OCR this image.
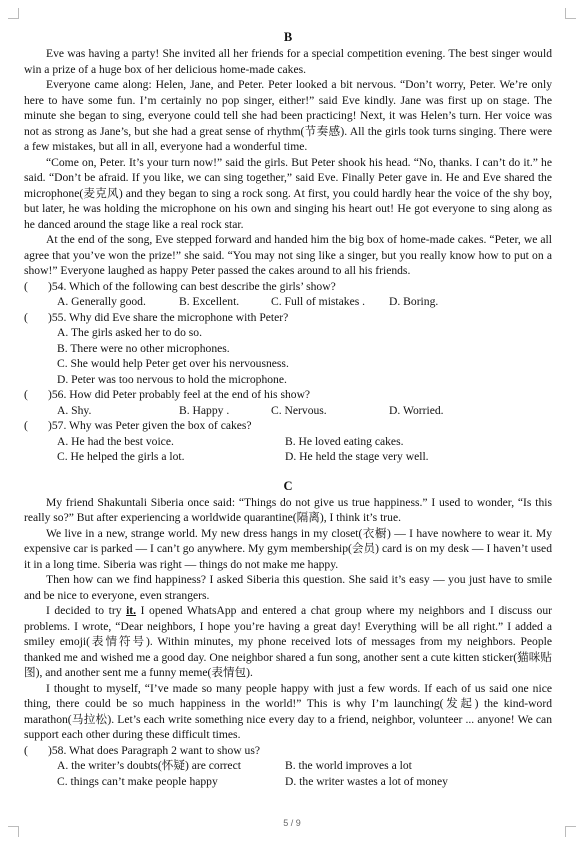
B

Eve was having a party! She invited all her friends for a special competition evening. The best singer would win a prize of a huge box of her delicious home-made cakes.

Everyone came along: Helen, Jane, and Peter. Peter looked a bit nervous. “Don’t worry, Peter. We’re only here to have some fun. I’m certainly no pop singer, either!” said Eve kindly. Jane was first up on stage. The minute she began to sing, everyone could tell she had been practicing! Next, it was Helen’s turn. Her voice was not as strong as Jane’s, but she had a great sense of rhythm(节奏感). All the girls took turns singing. There were a few mistakes, but all in all, everyone had a wonderful time.

“Come on, Peter. It’s your turn now!” said the girls. But Peter shook his head. “No, thanks. I can’t do it.” he said. “Don’t be afraid. If you like, we can sing together,” said Eve. Finally Peter gave in. He and Eve shared the microphone(麦克风) and they began to sing a rock song. At first, you could hardly hear the voice of the shy boy, but later, he was holding the microphone on his own and singing his heart out! He got everyone to sing along as he danced around the stage like a real rock star.

At the end of the song, Eve stepped forward and handed him the big box of home-made cakes. “Peter, we all agree that you’ve won the prize!” she said. “You may not sing like a singer, but you really know how to put on a show!” Everyone laughed as happy Peter passed the cakes around to all his friends.

(	)54. Which of the following can best describe the girls’ show?
A. Generally good.	B. Excellent.	C. Full of mistakes .	D. Boring.
(	)55. Why did Eve share the microphone with Peter?
A. The girls asked her to do so.
B. There were no other microphones.
C. She would help Peter get over his nervousness.
D. Peter was too nervous to hold the microphone.
(	)56. How did Peter probably feel at the end of his show?
A. Shy.	B. Happy .	C. Nervous.	D. Worried.
(	)57. Why was Peter given the box of cakes?
A. He had the best voice.	B. He loved eating cakes.
C. He helped the girls a lot.	D. He held the stage very well.
C

My friend Shakuntali Siberia once said: “Things do not give us true happiness.” I used to wonder, “Is this really so?” But after experiencing a worldwide quarantine(隔离), I think it’s true.

We live in a new, strange world. My new dress hangs in my closet(衣橱) — I have nowhere to wear it. My expensive car is parked — I can’t go anywhere. My gym membership(会员) card is on my desk — I haven’t used it in a long time. Siberia was right — things do not make me happy.

Then how can we find happiness? I asked Siberia this question. She said it’s easy — you just have to smile and be nice to everyone, even strangers.

I decided to try it. I opened WhatsApp and entered a chat group where my neighbors and I discuss our problems. I wrote, “Dear neighbors, I hope you’re having a great day! Everything will be all right.” I added a smiley emoji(表情符号). Within minutes, my phone received lots of messages from my neighbors. People thanked me and wished me a good day. One neighbor shared a fun song, another sent a cute kitten sticker(猫咪贴图), and another sent me a funny meme(表情包).

I thought to myself, “I’ve made so many people happy with just a few words. If each of us said one nice thing, there could be so much happiness in the world!” This is why I’m launching(发起) the kind-word marathon(马拉松). Let’s each write something nice every day to a friend, neighbor, volunteer ... anyone! We can support each other during these difficult times.

(	)58. What does Paragraph 2 want to show us?
A. the writer’s doubts(怀疑) are correct	B. the world improves a lot
C. things can’t make people happy	D. the writer wastes a lot of money
5 / 9
